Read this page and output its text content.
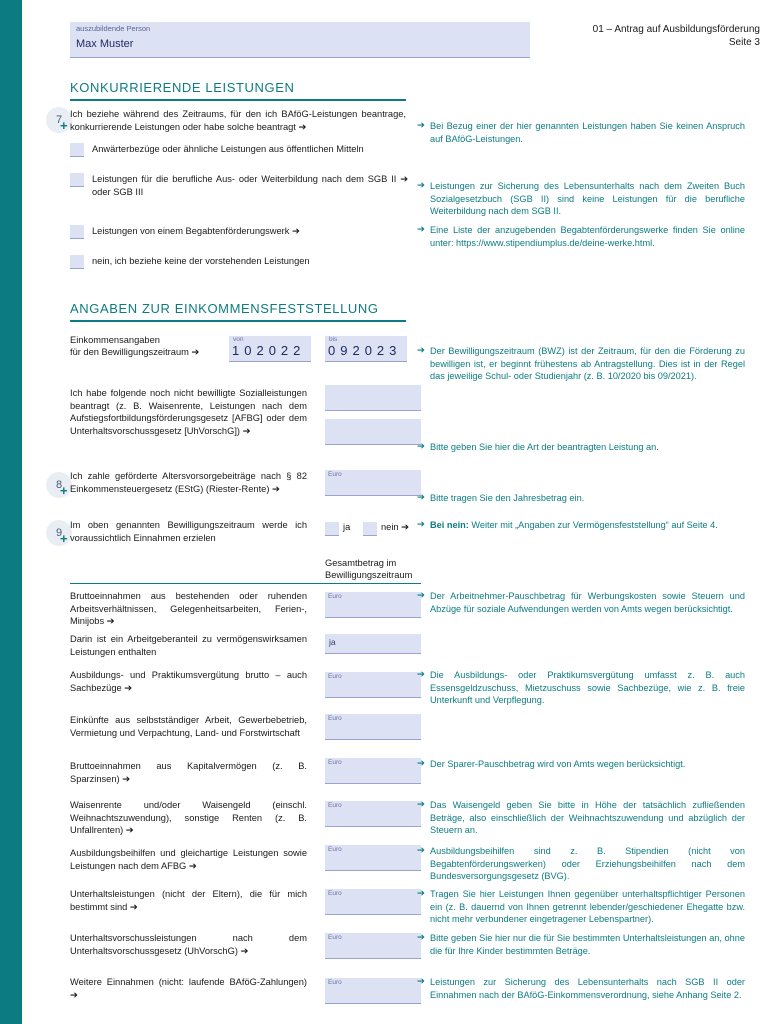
auszubildende Person
Max Muster
01 – Antrag auf Ausbildungsförderung
Seite 3
KONKURRIERENDE LEISTUNGEN
7
+
Ich beziehe während des Zeitraums, für den ich BAföG-Leistungen beantrage, konkurrierende Leistungen oder habe solche beantragt ➔
Anwärterbezüge oder ähnliche Leistungen aus öffentlichen Mitteln
Leistungen für die berufliche Aus- oder Weiterbildung nach dem SGB II ➔ oder SGB III
Leistungen von einem Begabtenförderungswerk ➔
nein, ich beziehe keine der vorstehenden Leistungen
➔ Bei Bezug einer der hier genannten Leistungen haben Sie keinen Anspruch auf BAföG-Leistungen.
➔ Leistungen zur Sicherung des Lebensunterhalts nach dem Zweiten Buch Sozialgesetzbuch (SGB II) sind keine Leistungen für die berufliche Weiterbildung nach dem SGB II.
➔ Eine Liste der anzugebenden Begabtenförderungswerke finden Sie online unter: https://www.stipendiumplus.de/deine-werke.html.
ANGABEN ZUR EINKOMMENSFESTSTELLUNG
Einkommensangaben
für den Bewilligungszeitraum ➔
von
102022
bis
092023 ➔ Der Bewilligungszeitraum (BWZ) ist der Zeitraum, für den die Förderung zu bewilligen ist, er beginnt frühestens ab Antragstellung. Dies ist in der Regel das jeweilige Schul- oder Studienjahr (z. B. 10/2020 bis 09/2021).
Ich habe folgende noch nicht bewilligte Sozialleistungen beantragt (z. B. Waisenrente, Leistungen nach dem Aufstiegsfortbildungsförderungsgesetz [AFBG] oder dem Unterhaltsvorschussgesetz [UhVorschG]) ➔
➔ Bitte geben Sie hier die Art der beantragten Leistung an.
8
+
Ich zahle geförderte Altersvorsorgebeiträge nach § 82 Einkommensteuergesetz (EStG) (Riester-Rente) ➔
Euro
➔ Bitte tragen Sie den Jahresbetrag ein.
9
+
Im oben genannten Bewilligungszeitraum werde ich voraussichtlich Einnahmen erzielen
ja	nein ➔ ➔ Bei nein: Weiter mit „Angaben zur Vermögensfeststellung“ auf Seite 4.
Gesamtbetrag im
Bewilligungszeitraum
Bruttoeinnahmen aus bestehenden oder ruhenden Arbeitsverhältnissen, Gelegenheitsarbeiten, Ferien-, Minijobs ➔
Euro	➔ Der Arbeitnehmer-Pauschbetrag für Werbungskosten sowie Steuern und Abzüge für soziale Aufwendungen werden von Amts wegen berücksichtigt.
Darin ist ein Arbeitgeberanteil zu vermögenswirksamen Leistungen enthalten
ja
Ausbildungs- und Praktikumsvergütung brutto – auch Sachbezüge ➔
Euro	➔ Die Ausbildungs- oder Praktikumsvergütung umfasst z. B. auch Essensgeldzuschuss, Mietzuschuss sowie Sachbezüge, wie z. B. freie Unterkunft und Verpflegung.
Einkünfte aus selbstständiger Arbeit, Gewerbebetrieb, Vermietung und Verpachtung, Land- und Forstwirtschaft
Euro
Bruttoeinnahmen aus Kapitalvermögen (z. B. Sparzinsen) ➔
Euro	➔ Der Sparer-Pauschbetrag wird von Amts wegen berücksichtigt.
Waisenrente und/oder Waisengeld (einschl. Weihnachtszuwendung), sonstige Renten (z. B. Unfallrenten) ➔
Euro	➔ Das Waisengeld geben Sie bitte in Höhe der tatsächlich zufließenden Beträge, also einschließlich der Weihnachtszuwendung und abzüglich der Steuern an.
Ausbildungsbeihilfen und gleichartige Leistungen sowie Leistungen nach dem AFBG ➔
Euro	➔ Ausbildungsbeihilfen sind z. B. Stipendien (nicht von Begabtenförderungswerken) oder Erziehungsbeihilfen nach dem Bundesversorgungsgesetz (BVG).
Unterhaltsleistungen (nicht der Eltern), die für mich bestimmt sind ➔
Euro	➔ Tragen Sie hier Leistungen Ihnen gegenüber unterhaltspflichtiger Personen ein (z. B. dauernd von Ihnen getrennt lebender/geschiedener Ehegatte bzw. nicht mehr verbundener eingetragener Lebenspartner).
Unterhaltsvorschussleistungen nach dem Unterhaltsvorschussgesetz (UhVorschG) ➔
Euro	➔ Bitte geben Sie hier nur die für Sie bestimmten Unterhaltsleistungen an, ohne die für Ihre Kinder bestimmten Beträge.
Weitere Einnahmen (nicht: laufende BAföG-Zahlungen) ➔
Euro	➔ Leistungen zur Sicherung des Lebensunterhalts nach SGB II oder Einnahmen nach der BAföG-Einkommensverordnung, siehe Anhang Seite 2.
